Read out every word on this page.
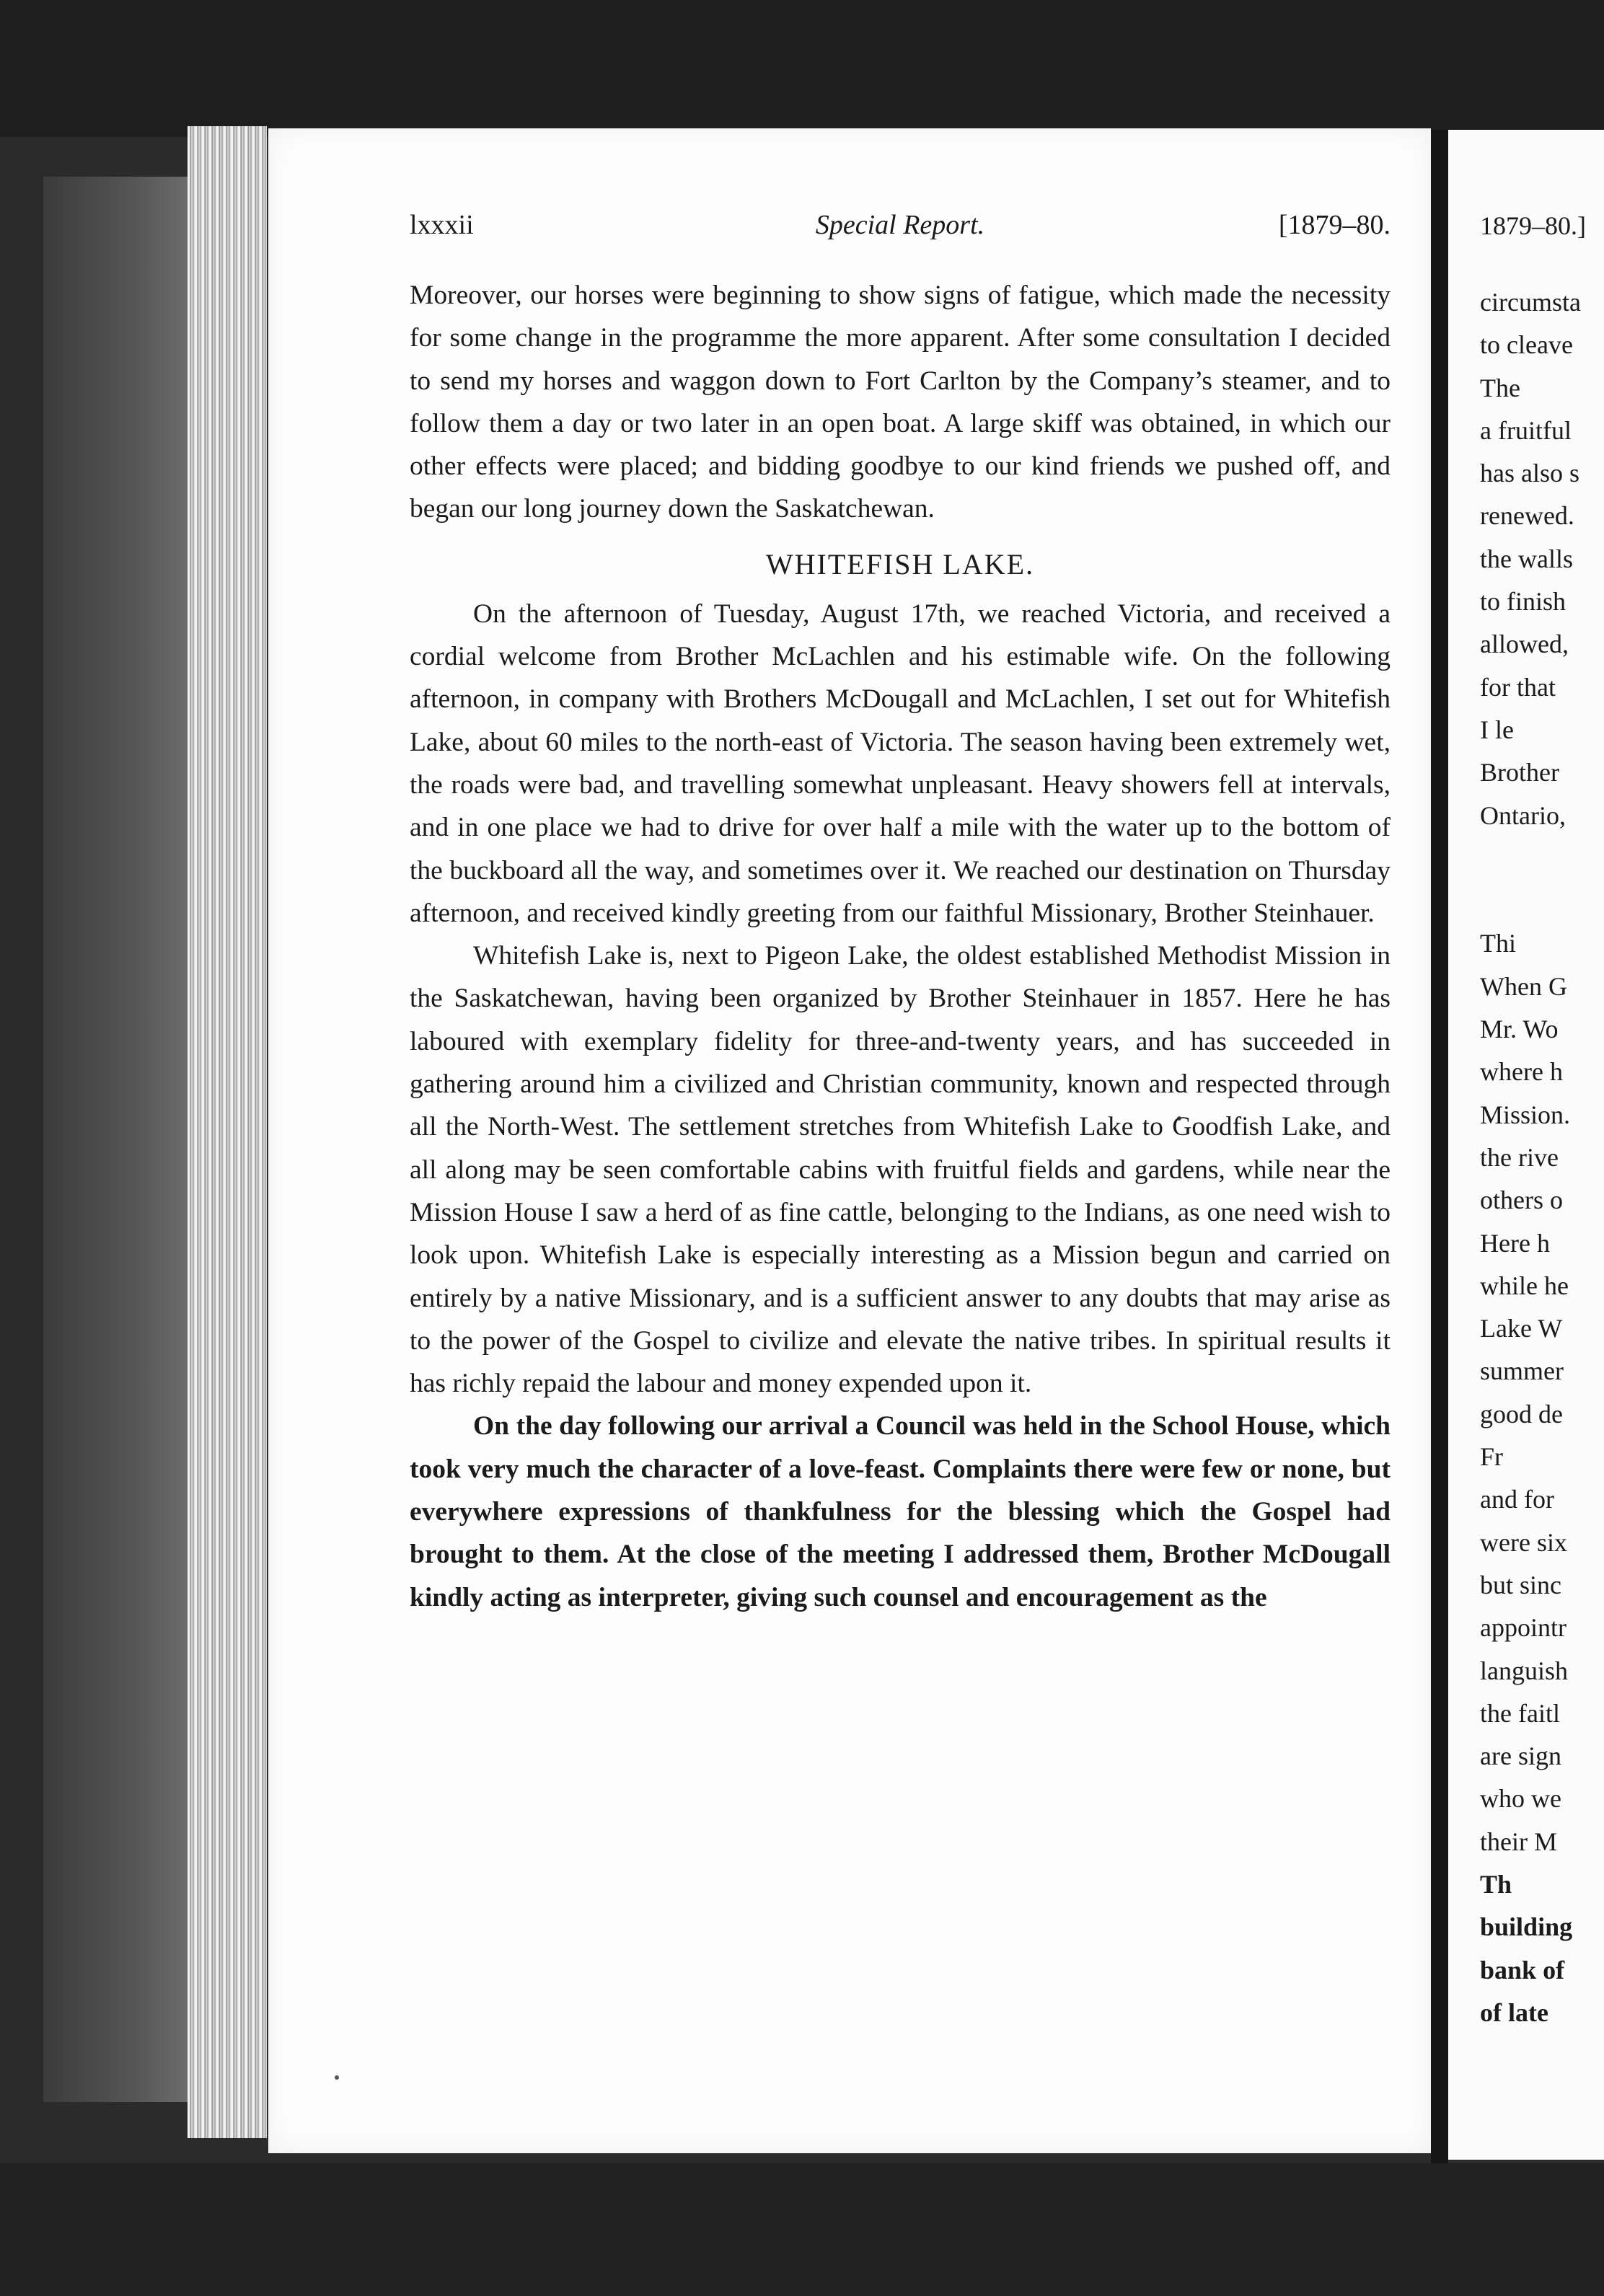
lxxxii	Special Report.	[1879–80.

Moreover, our horses were beginning to show signs of fatigue, which made the necessity for some change in the programme the more apparent. After some consultation I decided to send my horses and waggon down to Fort Carlton by the Company’s steamer, and to follow them a day or two later in an open boat. A large skiff was obtained, in which our other effects were placed; and bidding goodbye to our kind friends we pushed off, and began our long journey down the Saskatchewan.

WHITEFISH LAKE.

On the afternoon of Tuesday, August 17th, we reached Victoria, and received a cordial welcome from Brother McLachlen and his estimable wife. On the following afternoon, in company with Brothers McDougall and McLachlen, I set out for Whitefish Lake, about 60 miles to the north-east of Victoria. The season having been extremely wet, the roads were bad, and travelling somewhat unpleasant. Heavy showers fell at intervals, and in one place we had to drive for over half a mile with the water up to the bottom of the buckboard all the way, and sometimes over it. We reached our destination on Thursday afternoon, and received kindly greeting from our faithful Missionary, Brother Steinhauer.

Whitefish Lake is, next to Pigeon Lake, the oldest established Methodist Mission in the Saskatchewan, having been organized by Brother Steinhauer in 1857. Here he has laboured with exemplary fidelity for three-and-twenty years, and has succeeded in gathering around him a civilized and Christian community, known and respected through all the North-West. The settlement stretches from Whitefish Lake to Goodfish Lake, and all along may be seen comfortable cabins with fruitful fields and gardens, while near the Mission House I saw a herd of as fine cattle, belonging to the Indians, as one need wish to look upon. Whitefish Lake is especially interesting as a Mission begun and carried on entirely by a native Missionary, and is a sufficient answer to any doubts that may arise as to the power of the Gospel to civilize and elevate the native tribes. In spiritual results it has richly repaid the labour and money expended upon it.

On the day following our arrival a Council was held in the School House, which took very much the character of a love-feast. Complaints there were few or none, but everywhere expressions of thankfulness for the blessing which the Gospel had brought to them. At the close of the meeting I addressed them, Brother McDougall kindly acting as interpreter, giving such counsel and encouragement as the

1879–80.]
circumsta
to cleave
The
a fruitful
has also s
renewed.
the walls
to finish
allowed,
for that
I le
Brother
Ontario,
Thi
When G
Mr. Wo
where h
Mission.
the rive
others o
Here h
while he
Lake W
summer
good de
Fr
and for
were six
but sinc
appointr
languish
the faitl
are sign
who we
their M
Th
building
bank of
of late
